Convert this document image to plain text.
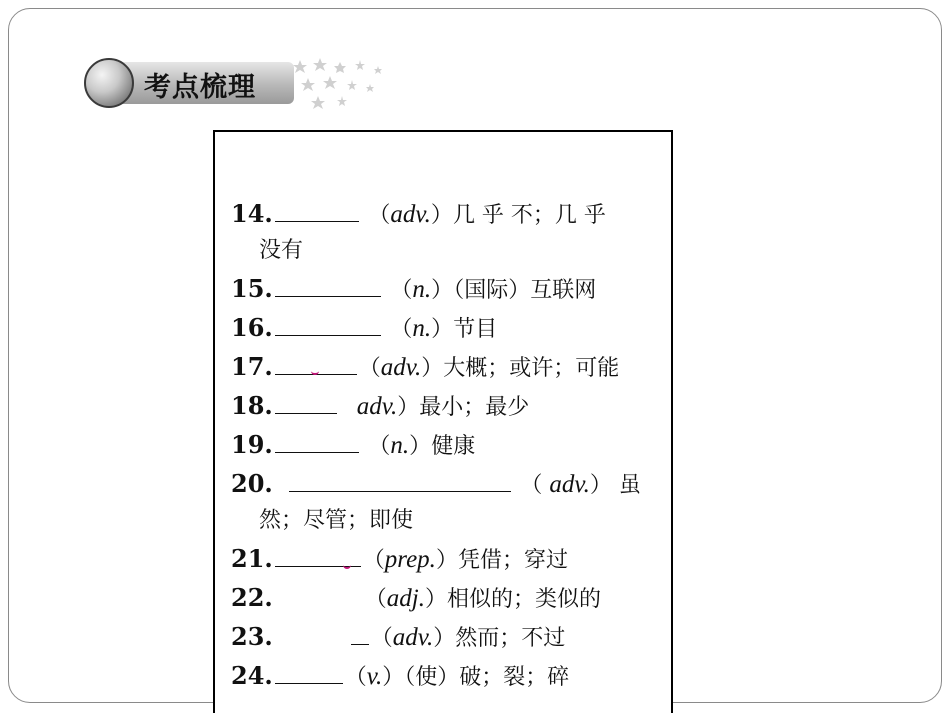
考点梳理
14.	（adv.）几 乎 不；几 乎
没有
15.	（n.）（国际）互联网
16.	（n.）节目
17.	（adv.）大概；或许；可能
18.	adv.）最小；最少
19.	（n.）健康
20.	（ adv.） 虽
然；尽管；即使
21.	（prep.）凭借；穿过
22.	（adj.）相似的；类似的
23.	（adv.）然而；不过
24.	（v.）（使）破；裂；碎
